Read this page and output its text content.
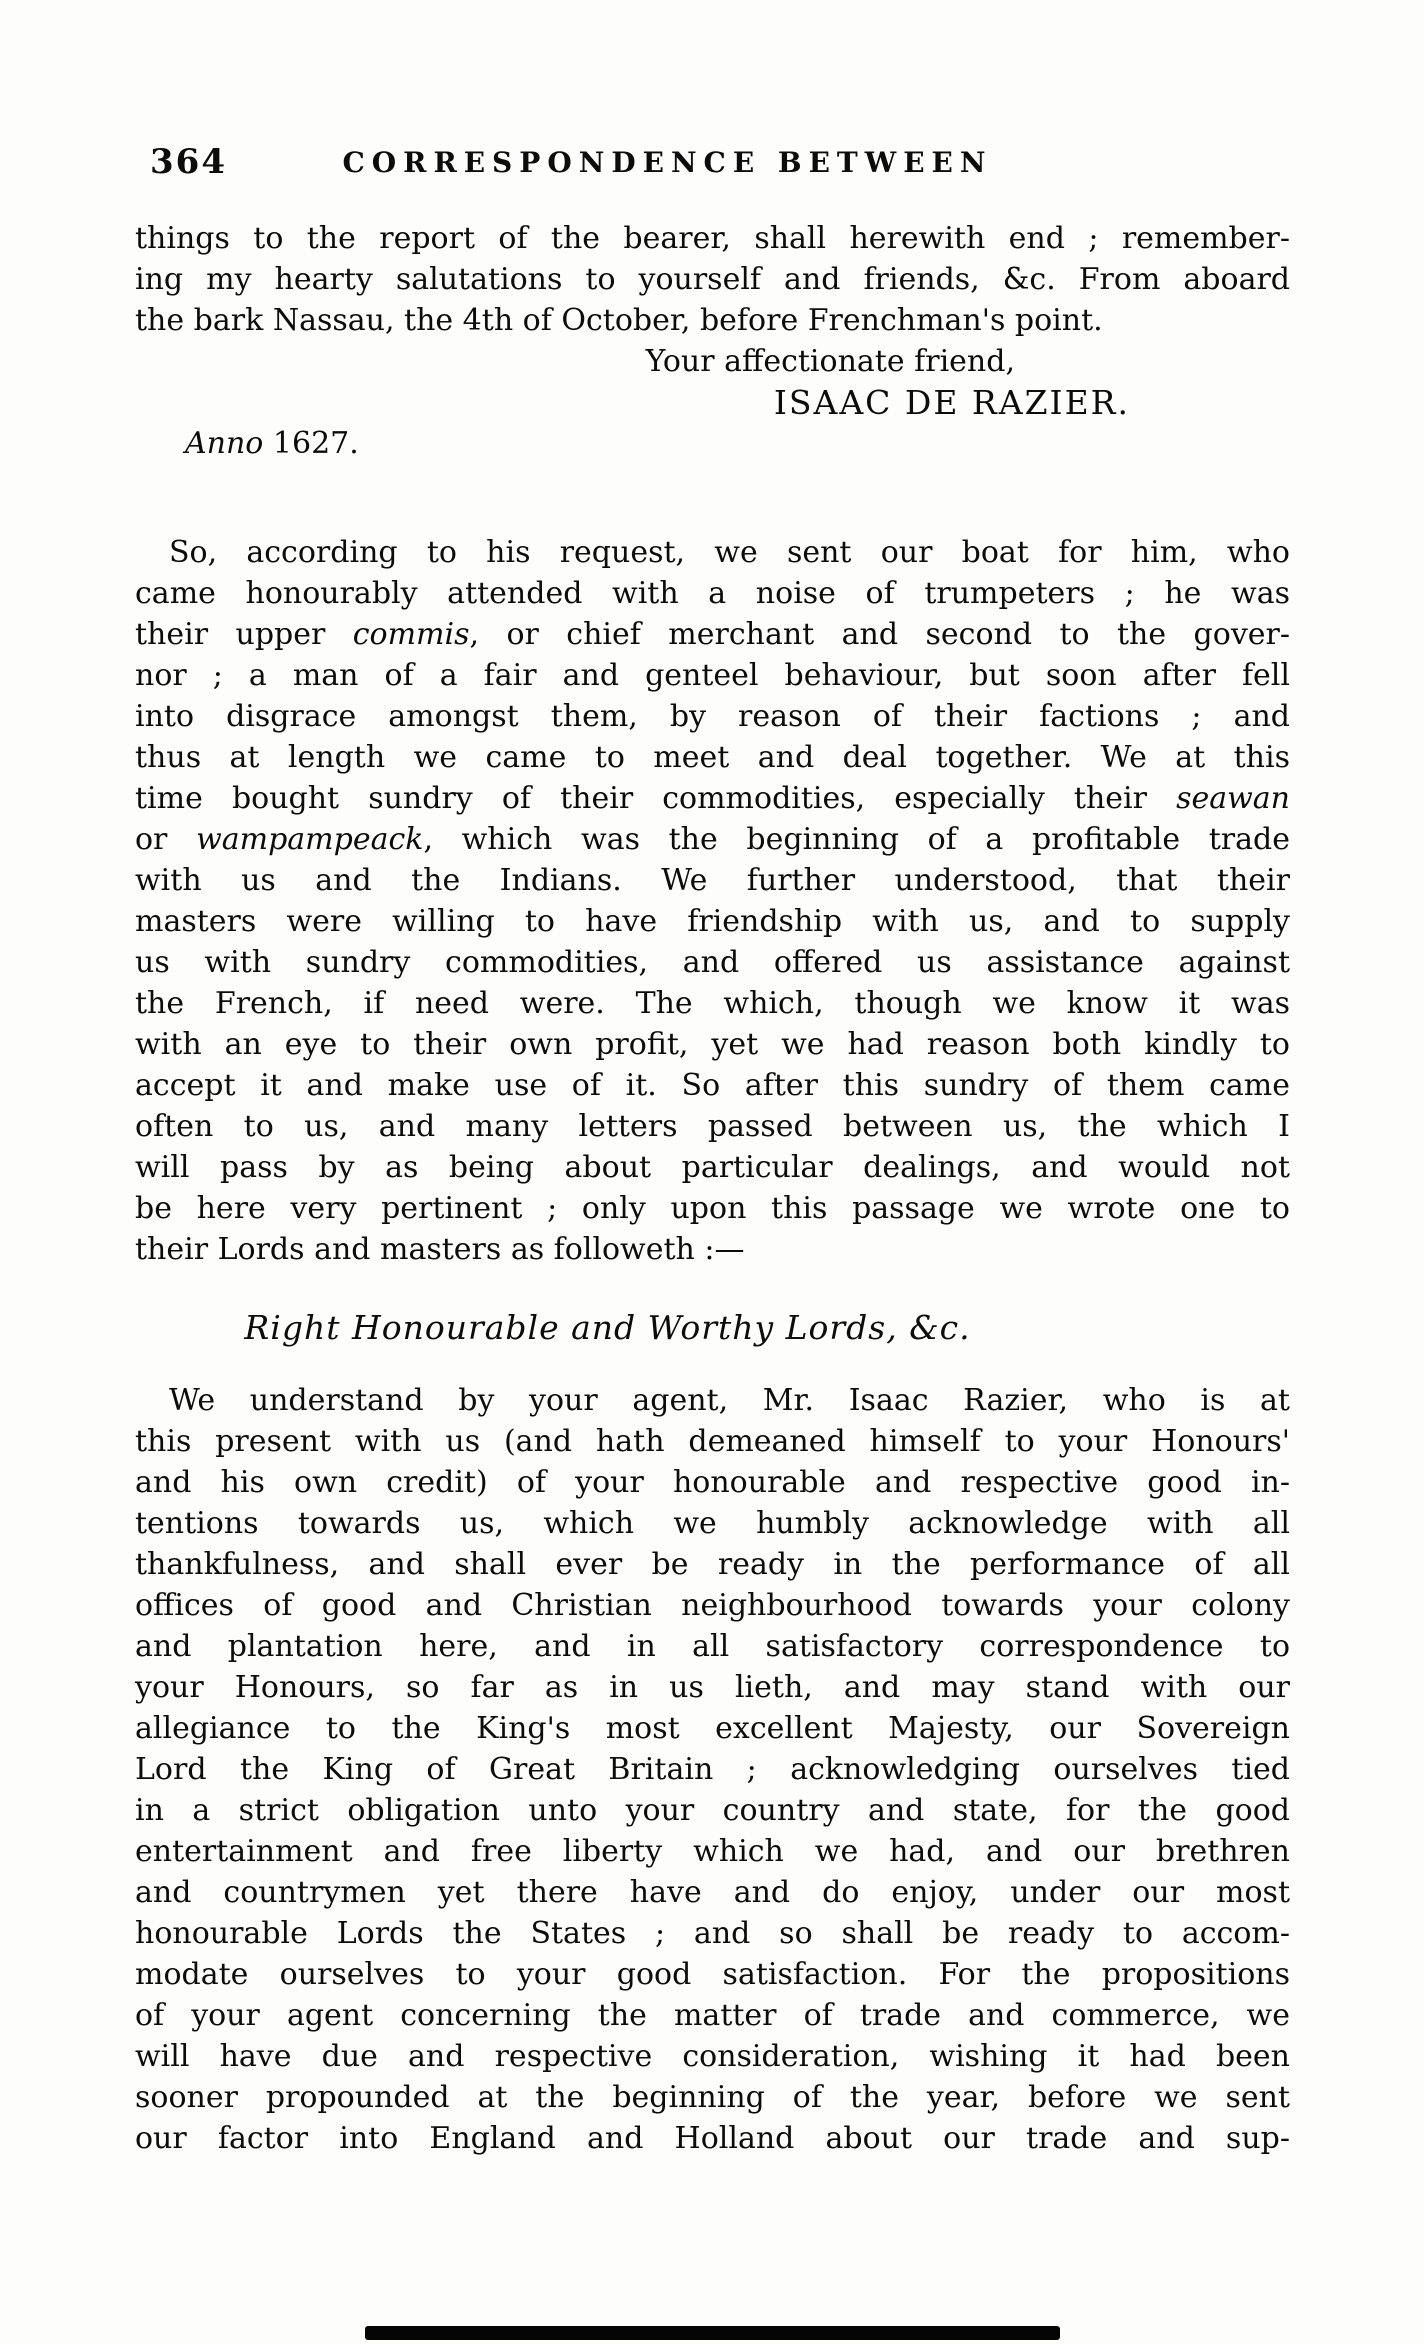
364	CORRESPONDENCE BETWEEN
things to the report of the bearer, shall herewith end ; remember-
ing my hearty salutations to yourself and friends, &c. From aboard
the bark Nassau, the 4th of October, before Frenchman's point.
Your affectionate friend,
ISAAC DE RAZIER.
Anno 1627.
So, according to his request, we sent our boat for him, who
came honourably attended with a noise of trumpeters ; he was
their upper commis, or chief merchant and second to the gover-
nor ; a man of a fair and genteel behaviour, but soon after fell
into disgrace amongst them, by reason of their factions ; and
thus at length we came to meet and deal together. We at this
time bought sundry of their commodities, especially their seawan
or wampampeack, which was the beginning of a profitable trade
with us and the Indians. We further understood, that their
masters were willing to have friendship with us, and to supply
us with sundry commodities, and offered us assistance against
the French, if need were. The which, though we know it was
with an eye to their own profit, yet we had reason both kindly to
accept it and make use of it. So after this sundry of them came
often to us, and many letters passed between us, the which I
will pass by as being about particular dealings, and would not
be here very pertinent ; only upon this passage we wrote one to
their Lords and masters as followeth :—
Right Honourable and Worthy Lords, &c.
We understand by your agent, Mr. Isaac Razier, who is at
this present with us (and hath demeaned himself to your Honours'
and his own credit) of your honourable and respective good in-
tentions towards us, which we humbly acknowledge with all
thankfulness, and shall ever be ready in the performance of all
offices of good and Christian neighbourhood towards your colony
and plantation here, and in all satisfactory correspondence to
your Honours, so far as in us lieth, and may stand with our
allegiance to the King's most excellent Majesty, our Sovereign
Lord the King of Great Britain ; acknowledging ourselves tied
in a strict obligation unto your country and state, for the good
entertainment and free liberty which we had, and our brethren
and countrymen yet there have and do enjoy, under our most
honourable Lords the States ; and so shall be ready to accom-
modate ourselves to your good satisfaction. For the propositions
of your agent concerning the matter of trade and commerce, we
will have due and respective consideration, wishing it had been
sooner propounded at the beginning of the year, before we sent
our factor into England and Holland about our trade and sup-
